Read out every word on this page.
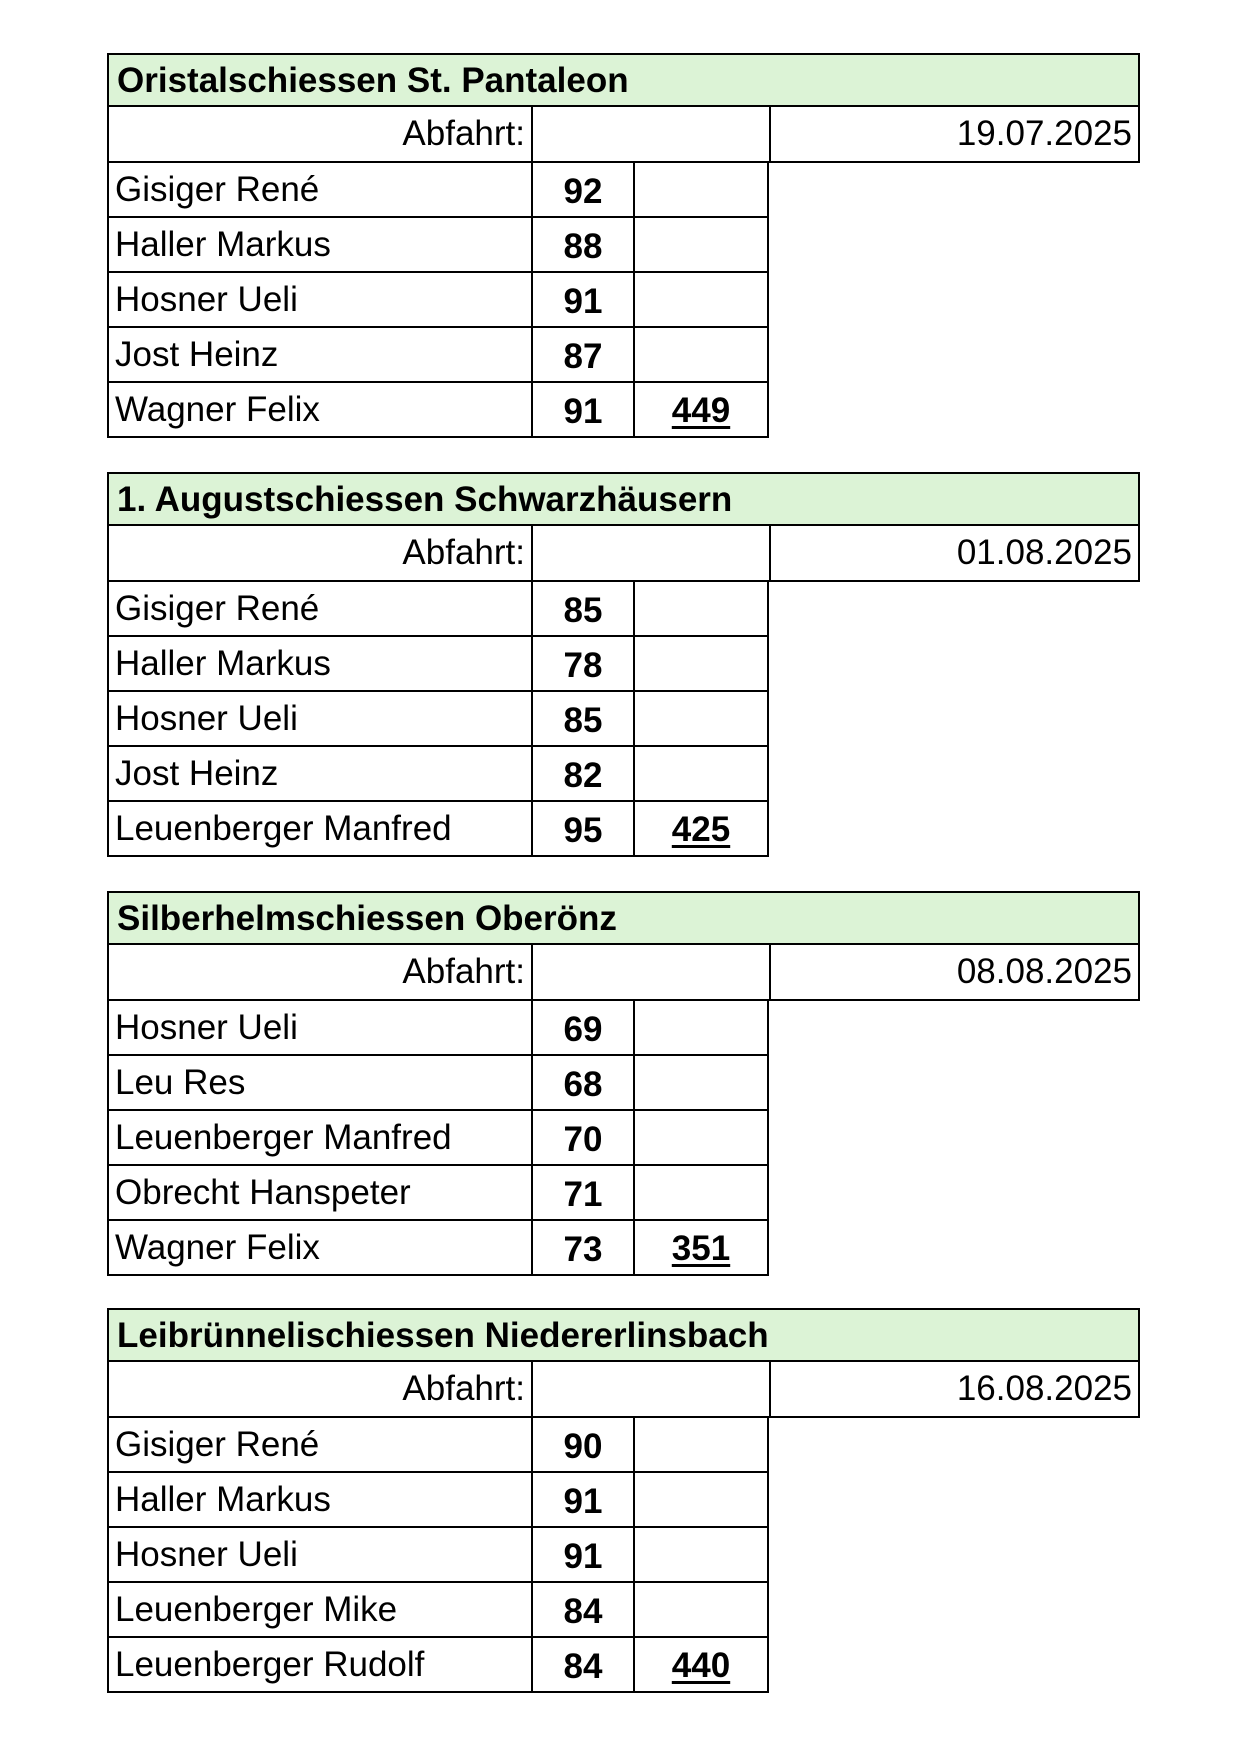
Oristalschiessen St. Pantaleon
Abfahrt:	19.07.2025
Gisiger René	92
Haller Markus	88
Hosner Ueli	91
Jost Heinz	87
Wagner Felix	91	449
1. Augustschiessen Schwarzhäusern
Abfahrt:	01.08.2025
Gisiger René	85
Haller Markus	78
Hosner Ueli	85
Jost Heinz	82
Leuenberger Manfred	95	425
Silberhelmschiessen Oberönz
Abfahrt:	08.08.2025
Hosner Ueli	69
Leu Res	68
Leuenberger Manfred	70
Obrecht Hanspeter	71
Wagner Felix	73	351
Leibrünnelischiessen Niedererlinsbach
Abfahrt:	16.08.2025
Gisiger René	90
Haller Markus	91
Hosner Ueli	91
Leuenberger Mike	84
Leuenberger Rudolf	84	440
